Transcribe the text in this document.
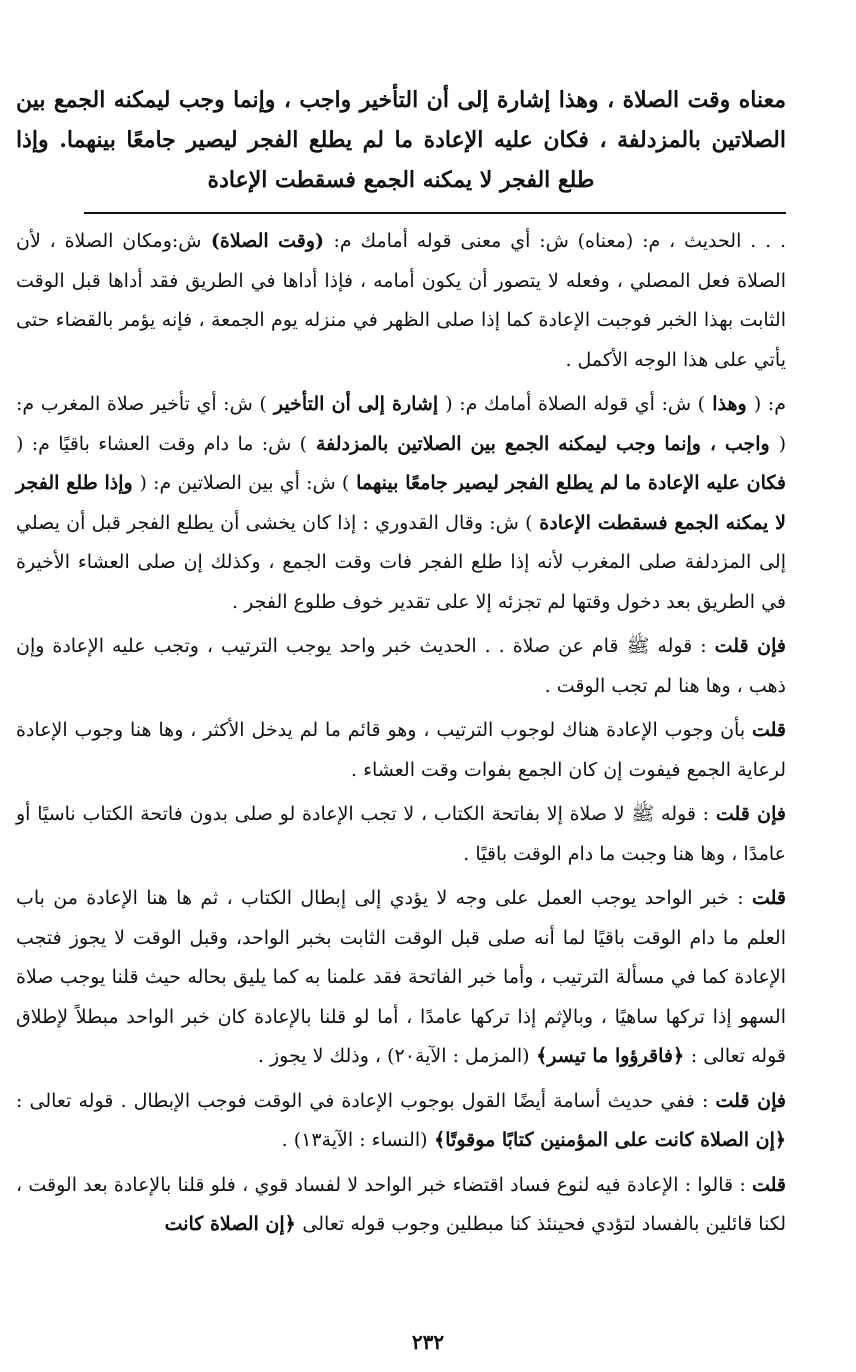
معناه وقت الصلاة ، وهذا إشارة إلى أن التأخير واجب ، وإنما وجب ليمكنه الجمع بين الصلاتين بالمزدلفة ، فكان عليه الإعادة ما لم يطلع الفجر ليصير جامعًا بينهما. وإذا طلع الفجر لا يمكنه الجمع فسقطت الإعادة

. . . الحديث ، م: (معناه) ش: أي معنى قوله أمامك م: (وقت الصلاة) ش:ومكان الصلاة ، لأن الصلاة فعل المصلي ، وفعله لا يتصور أن يكون أمامه ، فإذا أداها في الطريق فقد أداها قبل الوقت الثابت بهذا الخبر فوجبت الإعادة كما إذا صلى الظهر في منزله يوم الجمعة ، فإنه يؤمر بالقضاء حتى يأتي على هذا الوجه الأكمل .

م: ( وهذا ) ش: أي قوله الصلاة أمامك م: ( إشارة إلى أن التأخير ) ش: أي تأخير صلاة المغرب م: ( واجب ، وإنما وجب ليمكنه الجمع بين الصلاتين بالمزدلفة ) ش: ما دام وقت العشاء باقيًا م: ( فكان عليه الإعادة ما لم يطلع الفجر ليصير جامعًا بينهما ) ش: أي بين الصلاتين م: ( وإذا طلع الفجر لا يمكنه الجمع فسقطت الإعادة ) ش: وقال القدوري : إذا كان يخشى أن يطلع الفجر قبل أن يصلي إلى المزدلفة صلى المغرب لأنه إذا طلع الفجر فات وقت الجمع ، وكذلك إن صلى العشاء الأخيرة في الطريق بعد دخول وقتها لم تجزئه إلا على تقدير خوف طلوع الفجر .

فإن قلت : قوله ﷺ قام عن صلاة . . الحديث خبر واحد يوجب الترتيب ، وتجب عليه الإعادة وإن ذهب ، وها هنا لم تجب الوقت .

قلت بأن وجوب الإعادة هناك لوجوب الترتيب ، وهو قائم ما لم يدخل الأكثر ، وها هنا وجوب الإعادة لرعاية الجمع فيفوت إن كان الجمع بفوات وقت العشاء .

فإن قلت : قوله ﷺ لا صلاة إلا بفاتحة الكتاب ، لا تجب الإعادة لو صلى بدون فاتحة الكتاب ناسيًا أو عامدًا ، وها هنا وجبت ما دام الوقت باقيًا .

قلت : خبر الواحد يوجب العمل على وجه لا يؤدي إلى إبطال الكتاب ، ثم ها هنا الإعادة من باب العلم ما دام الوقت باقيًا لما أنه صلى قبل الوقت الثابت بخبر الواحد، وقبل الوقت لا يجوز فتجب الإعادة كما في مسألة الترتيب ، وأما خبر الفاتحة فقد علمنا به كما يليق بحاله حيث قلنا يوجب صلاة السهو إذا تركها ساهيًا ، وبالإثم إذا تركها عامدًا ، أما لو قلنا بالإعادة كان خبر الواحد مبطلاً لإطلاق قوله تعالى : ﴿فاقرؤوا ما تيسر﴾ (المزمل : الآية٢٠) ، وذلك لا يجوز .

فإن قلت : ففي حديث أسامة أيضًا القول بوجوب الإعادة في الوقت فوجب الإبطال . قوله تعالى : ﴿إن الصلاة كانت على المؤمنين كتابًا موقوتًا﴾ (النساء : الآية١٣) .

قلت : قالوا : الإعادة فيه لنوع فساد اقتضاء خبر الواحد لا لفساد قوي ، فلو قلنا بالإعادة بعد الوقت ، لكنا قائلين بالفساد لتؤدي فحينئذ كنا مبطلين وجوب قوله تعالى ﴿إن الصلاة كانت

٢٣٢
